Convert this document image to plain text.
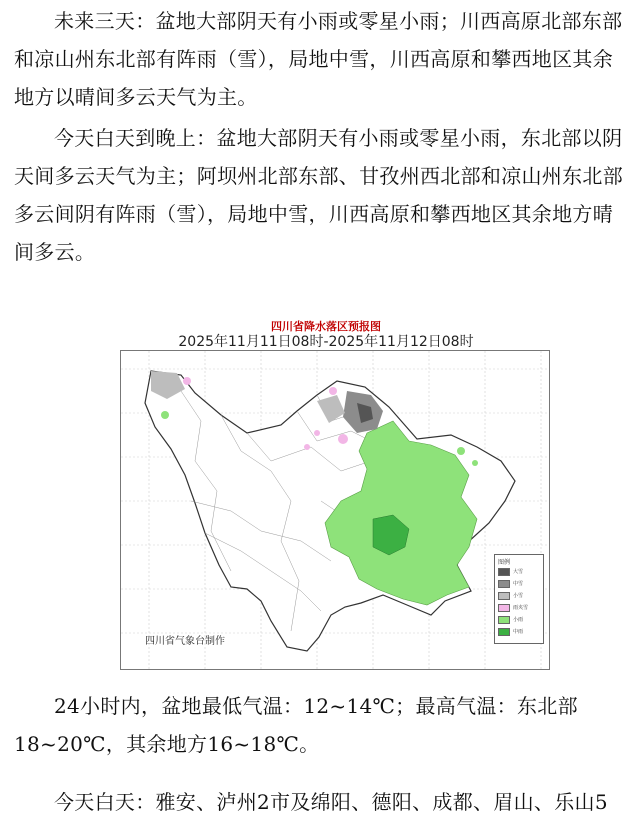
未来三天：盆地大部阴天有小雨或零星小雨；川西高原北部东部和凉山州东北部有阵雨（雪），局地中雪，川西高原和攀西地区其余地方以晴间多云天气为主。

今天白天到晚上：盆地大部阴天有小雨或零星小雨，东北部以阴天间多云天气为主；阿坝州北部东部、甘孜州西北部和凉山州东北部多云间阴有阵雨（雪），局地中雪，川西高原和攀西地区其余地方晴间多云。

四川省降水落区预报图
2025年11月11日08时-2025年11月12日08时
四川省气象台制作
图例
大雪
中雪
小雪
雨夹雪
小雨
中雨

24小时内，盆地最低气温：12~14℃；最高气温：东北部18~20℃，其余地方16~18℃。

今天白天：雅安、泸州2市及绵阳、德阳、成都、眉山、乐山5
